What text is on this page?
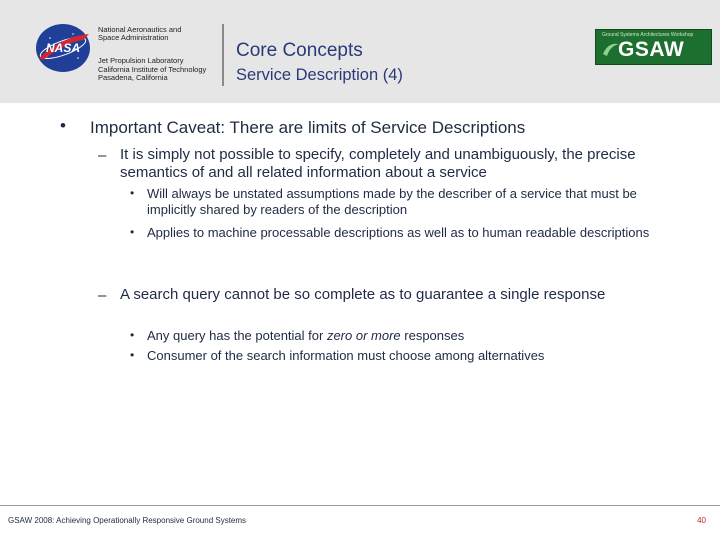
NASA
National Aeronautics and
Space Administration
Jet Propulsion Laboratory
California Institute of Technology
Pasadena, California
Core Concepts
Service Description (4)
Ground Systems Architectures Workshop
GSAW
• Important Caveat: There are limits of Service Descriptions
– It is simply not possible to specify, completely and unambiguously, the precise semantics of and all related information about a service
• Will always be unstated assumptions made by the describer of a service that must be implicitly shared by readers of the description
• Applies to machine processable descriptions as well as to human readable descriptions
– A search query cannot be so complete as to guarantee a single response
• Any query has the potential for zero or more responses
• Consumer of the search information must choose among alternatives
GSAW 2008: Achieving Operationally Responsive Ground Systems	40
